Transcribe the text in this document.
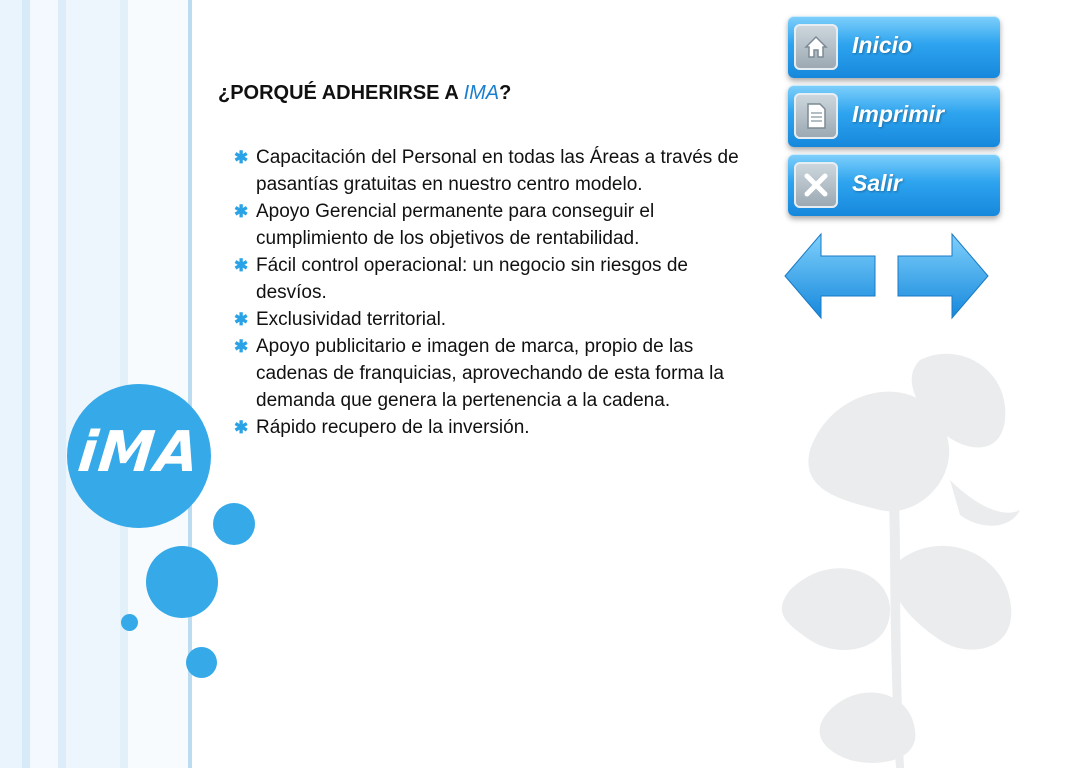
iMA
¿PORQUÉ ADHERIRSE A IMA?
✱ Capacitación del Personal en todas las Áreas a través de pasantías gratuitas en nuestro centro modelo.
✱ Apoyo Gerencial permanente para conseguir el cumplimiento de los objetivos de rentabilidad.
✱ Fácil control operacional: un negocio sin riesgos de desvíos.
✱ Exclusividad territorial.
✱ Apoyo publicitario e imagen de marca, propio de las cadenas de franquicias, aprovechando de esta forma la demanda que genera la pertenencia a la cadena.
✱ Rápido recupero de la inversión.
Inicio
Imprimir
Salir
Adelante
